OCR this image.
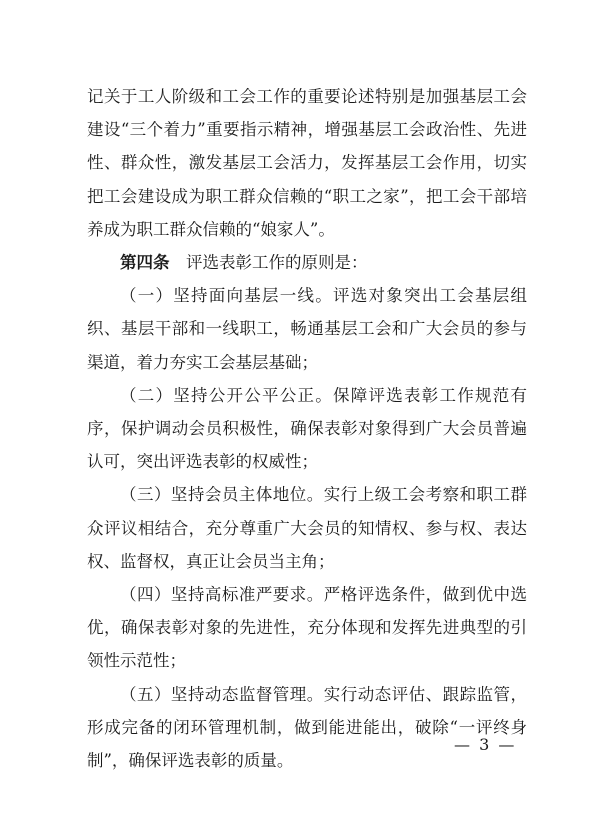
记关于工人阶级和工会工作的重要论述特别是加强基层工会建设“三个着力”重要指示精神，增强基层工会政治性、先进性、群众性，激发基层工会活力，发挥基层工会作用，切实把工会建设成为职工群众信赖的“职工之家”，把工会干部培养成为职工群众信赖的“娘家人”。

第四条　评选表彰工作的原则是：

（一）坚持面向基层一线。评选对象突出工会基层组织、基层干部和一线职工，畅通基层工会和广大会员的参与渠道，着力夯实工会基层基础；

（二）坚持公开公平公正。保障评选表彰工作规范有序，保护调动会员积极性，确保表彰对象得到广大会员普遍认可，突出评选表彰的权威性；

（三）坚持会员主体地位。实行上级工会考察和职工群众评议相结合，充分尊重广大会员的知情权、参与权、表达权、监督权，真正让会员当主角；

（四）坚持高标准严要求。严格评选条件，做到优中选优，确保表彰对象的先进性，充分体现和发挥先进典型的引领性示范性；

（五）坚持动态监督管理。实行动态评估、跟踪监管，形成完备的闭环管理机制，做到能进能出，破除“一评终身制”，确保评选表彰的质量。

— 3 —
